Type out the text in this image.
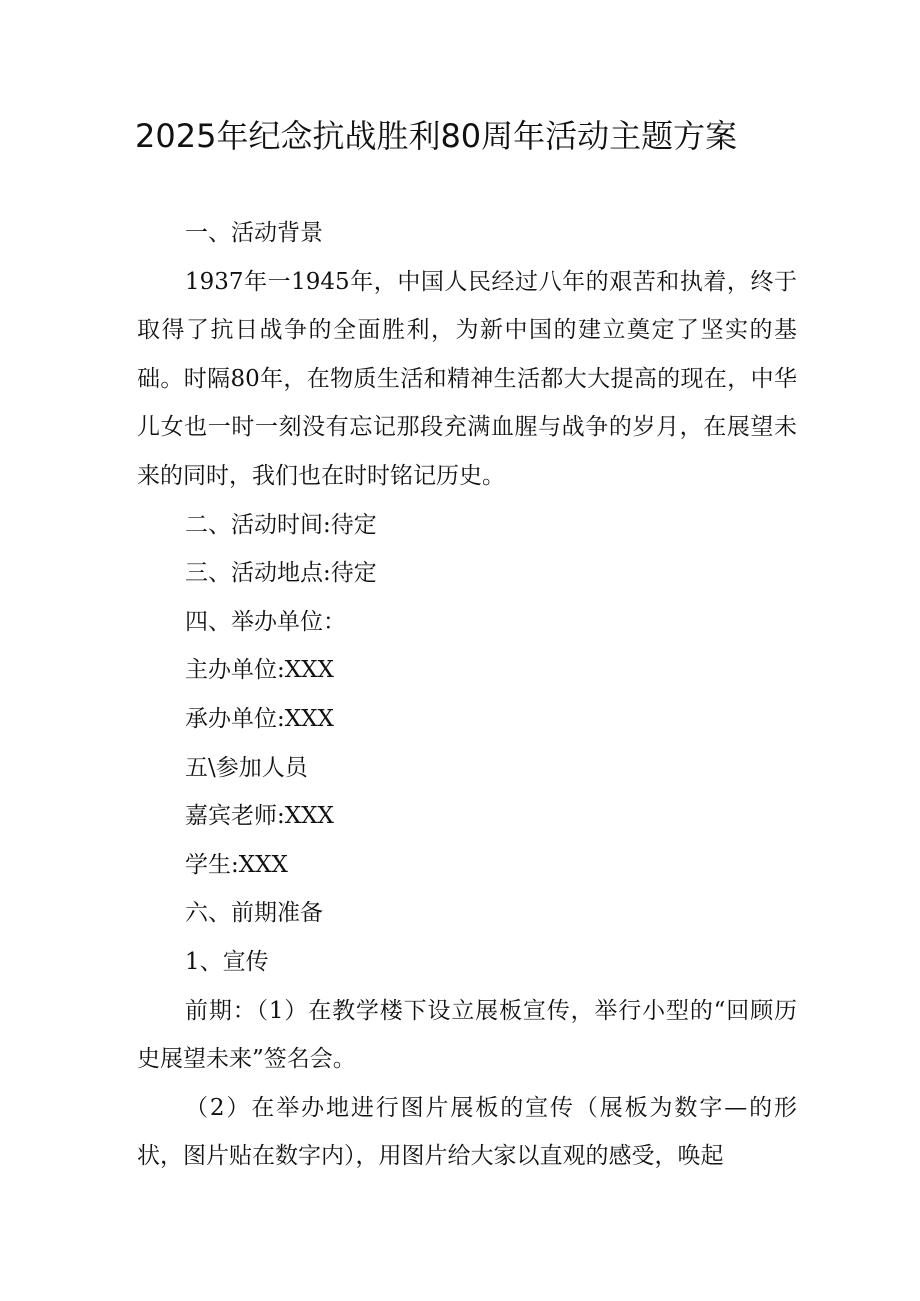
2025年纪念抗战胜利80周年活动主题方案

一、活动背景

1937年一1945年，中国人民经过八年的艰苦和执着，终于取得了抗日战争的全面胜利，为新中国的建立奠定了坚实的基础。时隔80年，在物质生活和精神生活都大大提高的现在，中华儿女也一时一刻没有忘记那段充满血腥与战争的岁月，在展望未来的同时，我们也在时时铭记历史。

二、活动时间:待定

三、活动地点:待定

四、举办单位：

主办单位:XXX

承办单位:XXX

五\参加人员

嘉宾老师:XXX

学生:XXX

六、前期准备

1、宣传

前期：（1）在教学楼下设立展板宣传，举行小型的“回顾历史展望未来”签名会。

（2）在举办地进行图片展板的宣传（展板为数字—的形状，图片贴在数字内），用图片给大家以直观的感受，唤起
